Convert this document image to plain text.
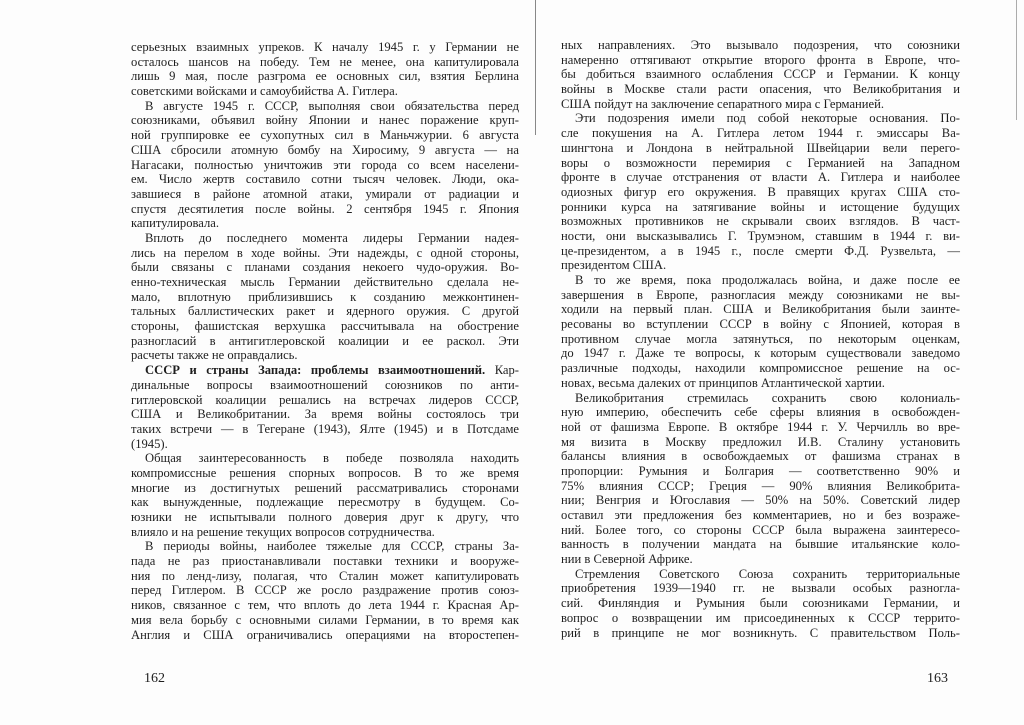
серьезных взаимных упреков. К началу 1945 г. у Германии не
осталось шансов на победу. Тем не менее, она капитулировала
лишь 9 мая, после разгрома ее основных сил, взятия Берлина
советскими войсками и самоубийства А. Гитлера.
В августе 1945 г. СССР, выполняя свои обязательства перед
союзниками, объявил войну Японии и нанес поражение круп-
ной группировке ее сухопутных сил в Маньчжурии. 6 августа
США сбросили атомную бомбу на Хиросиму, 9 августа — на
Нагасаки, полностью уничтожив эти города со всем населени-
ем. Число жертв составило сотни тысяч человек. Люди, ока-
завшиеся в районе атомной атаки, умирали от радиации и
спустя десятилетия после войны. 2 сентября 1945 г. Япония
капитулировала.
Вплоть до последнего момента лидеры Германии надея-
лись на перелом в ходе войны. Эти надежды, с одной стороны,
были связаны с планами создания некоего чудо-оружия. Во-
енно-техническая мысль Германии действительно сделала не-
мало, вплотную приблизившись к созданию межконтинен-
тальных баллистических ракет и ядерного оружия. С другой
стороны, фашистская верхушка рассчитывала на обострение
разногласий в антигитлеровской коалиции и ее раскол. Эти
расчеты также не оправдались.
СССР и страны Запада: проблемы взаимоотношений. Кар-
динальные вопросы взаимоотношений союзников по анти-
гитлеровской коалиции решались на встречах лидеров СССР,
США и Великобритании. За время войны состоялось три
таких встречи — в Тегеране (1943), Ялте (1945) и в Потсдаме
(1945).
Общая заинтересованность в победе позволяла находить
компромиссные решения спорных вопросов. В то же время
многие из достигнутых решений рассматривались сторонами
как вынужденные, подлежащие пересмотру в будущем. Со-
юзники не испытывали полного доверия друг к другу, что
влияло и на решение текущих вопросов сотрудничества.
В периоды войны, наиболее тяжелые для СССР, страны За-
пада не раз приостанавливали поставки техники и вооруже-
ния по ленд-лизу, полагая, что Сталин может капитулировать
перед Гитлером. В СССР же росло раздражение против союз-
ников, связанное с тем, что вплоть до лета 1944 г. Красная Ар-
мия вела борьбу с основными силами Германии, в то время как
Англия и США ограничивались операциями на второстепен-
ных направлениях. Это вызывало подозрения, что союзники
намеренно оттягивают открытие второго фронта в Европе, что-
бы добиться взаимного ослабления СССР и Германии. К концу
войны в Москве стали расти опасения, что Великобритания и
США пойдут на заключение сепаратного мира с Германией.
Эти подозрения имели под собой некоторые основания. По-
сле покушения на А. Гитлера летом 1944 г. эмиссары Ва-
шингтона и Лондона в нейтральной Швейцарии вели перего-
воры о возможности перемирия с Германией на Западном
фронте в случае отстранения от власти А. Гитлера и наиболее
одиозных фигур его окружения. В правящих кругах США сто-
ронники курса на затягивание войны и истощение будущих
возможных противников не скрывали своих взглядов. В част-
ности, они высказывались Г. Трумэном, ставшим в 1944 г. ви-
це-президентом, а в 1945 г., после смерти Ф.Д. Рузвельта, —
президентом США.
В то же время, пока продолжалась война, и даже после ее
завершения в Европе, разногласия между союзниками не вы-
ходили на первый план. США и Великобритания были заинте-
ресованы во вступлении СССР в войну с Японией, которая в
противном случае могла затянуться, по некоторым оценкам,
до 1947 г. Даже те вопросы, к которым существовали заведомо
различные подходы, находили компромиссное решение на ос-
новах, весьма далеких от принципов Атлантической хартии.
Великобритания стремилась сохранить свою колониаль-
ную империю, обеспечить себе сферы влияния в освобожден-
ной от фашизма Европе. В октябре 1944 г. У. Черчилль во вре-
мя визита в Москву предложил И.В. Сталину установить
балансы влияния в освобождаемых от фашизма странах в
пропорции: Румыния и Болгария — соответственно 90% и
75% влияния СССР; Греция — 90% влияния Великобрита-
нии; Венгрия и Югославия — 50% на 50%. Советский лидер
оставил эти предложения без комментариев, но и без возраже-
ний. Более того, со стороны СССР была выражена заинтересо-
ванность в получении мандата на бывшие итальянские коло-
нии в Северной Африке.
Стремления Советского Союза сохранить территориальные
приобретения 1939—1940 гг. не вызвали особых разногла-
сий. Финляндия и Румыния были союзниками Германии, и
вопрос о возвращении им присоединенных к СССР террито-
рий в принципе не мог возникнуть. С правительством Поль-
162	163
